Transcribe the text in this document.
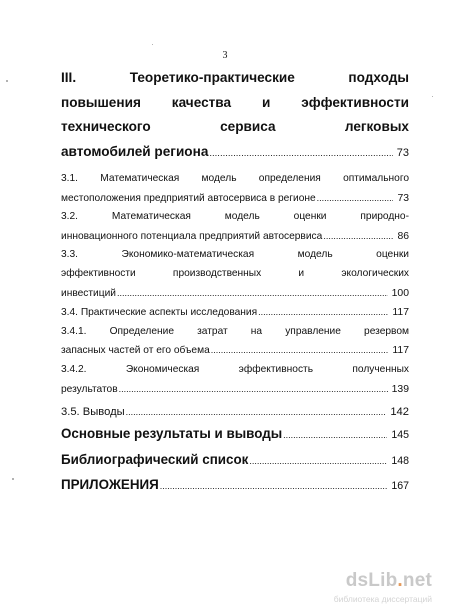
3
III. Теоретико-практические подходы
повышения качества и эффективности
технического сервиса легковых
автомобилей региона .....	73
3.1. Математическая модель определения оптимального
местоположения предприятий автосервиса в регионе .....	73
3.2. Математическая модель оценки природно-
инновационного потенциала предприятий автосервиса .....	86
3.3. Экономико-математическая модель оценки
эффективности производственных и экологических
инвестиций .....	100
3.4. Практические аспекты исследования .....	117
3.4.1. Определение затрат на управление резервом
запасных частей от его объема .....	117
3.4.2. Экономическая эффективность полученных
результатов .....	139
3.5. Выводы .....	142
Основные результаты и выводы .....	145
Библиографический список .....	148
ПРИЛОЖЕНИЯ .....	167
dsLib.net
библиотека диссертаций
